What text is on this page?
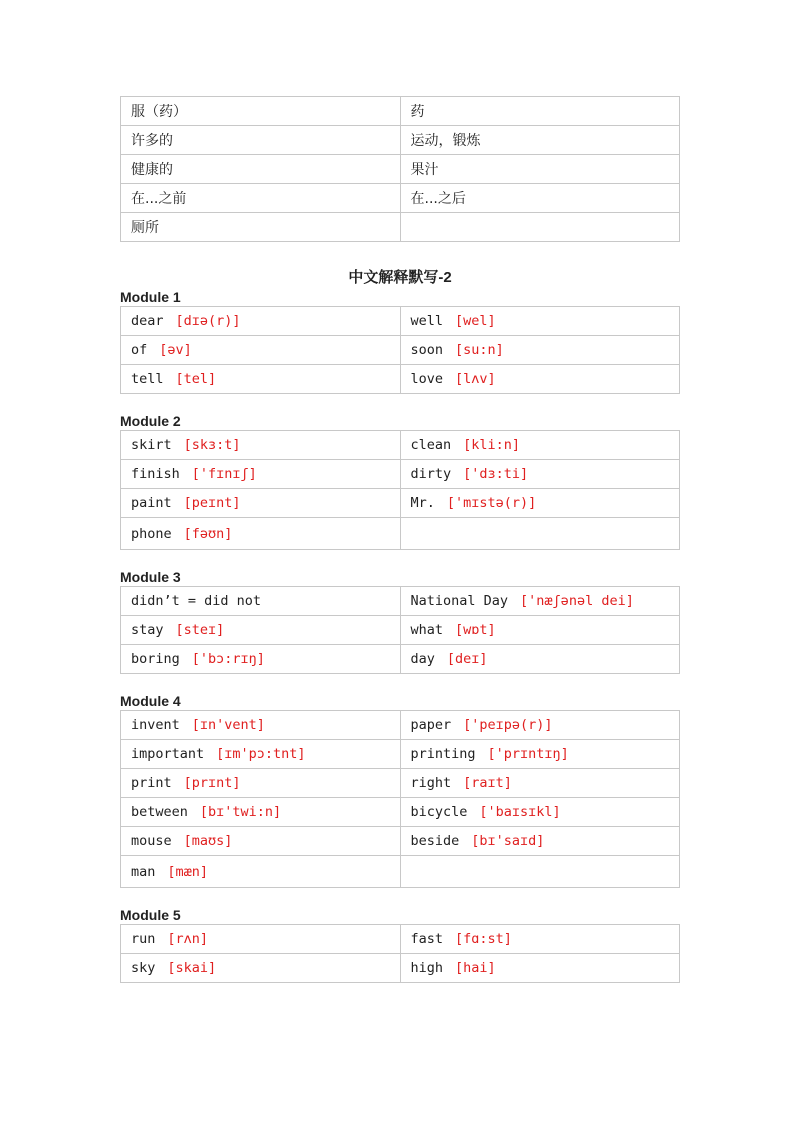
服（药）	药
许多的	运动，锻炼
健康的	果汁
在...之前	在...之后
厕所	
中文解释默写-2
Module 1
dear [dɪə(r)]	well [wel]
of [əv]	soon [su:n]
tell [tel]	love [lʌv]
Module 2
skirt [skɜ:t]	clean [kli:n]
finish ['fɪnɪʃ]	dirty ['dɜ:ti]
paint [peɪnt]	Mr. ['mɪstə(r)]
phone [fəʊn]	
Module 3
didn’t = did not	National Day ['næʃənəl dei]
stay [steɪ]	what [wɒt]
boring ['bɔ:rɪŋ]	day [deɪ]
Module 4
invent [ɪn'vent]	paper ['peɪpə(r)]
important [ɪm'pɔ:tnt]	printing ['prɪntɪŋ]
print [prɪnt]	right [raɪt]
between [bɪ'twi:n]	bicycle ['baɪsɪkl]
mouse [maʊs]	beside [bɪ'saɪd]
man [mæn]	
Module 5
run [rʌn]	fast [fɑ:st]
sky [skai]	high [hai]
